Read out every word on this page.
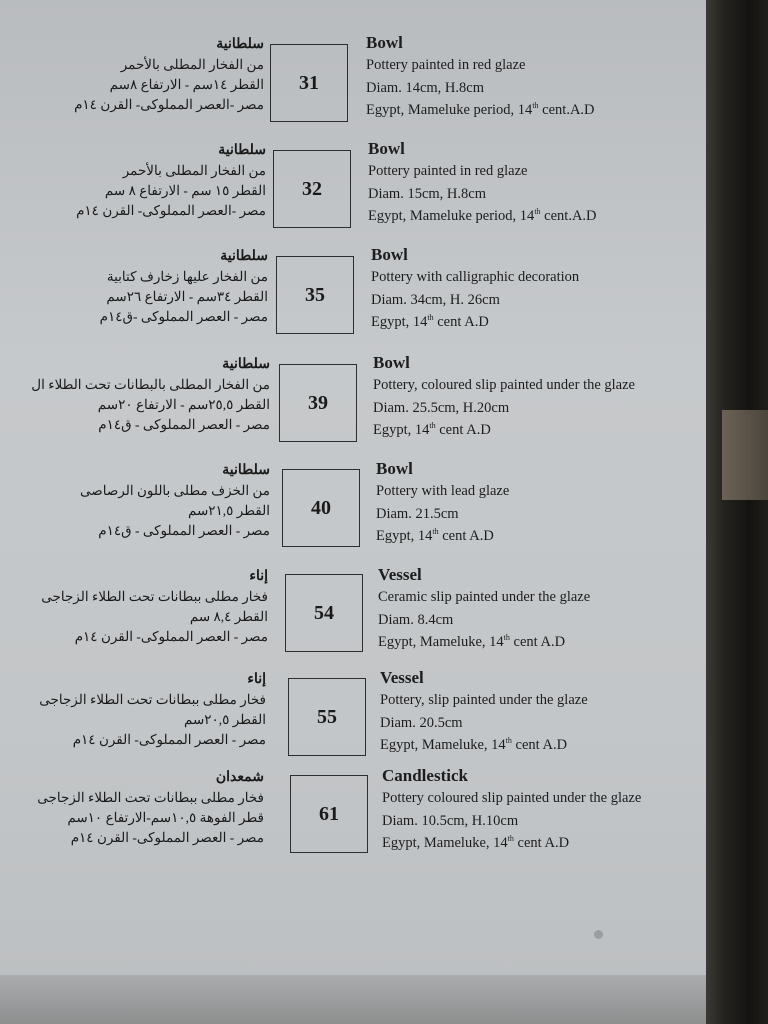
سلطانية
من الفخار المطلى بالأحمر
القطر ١٤سم - الارتفاع ٨سم
مصر -العصر المملوكى- القرن ١٤م
31
Bowl
Pottery painted in red glaze
Diam. 14cm, H.8cm
Egypt, Mameluke period, 14th cent.A.D
سلطانية
من الفخار المطلى بالأحمر
القطر ١٥ سم - الارتفاع ٨ سم
مصر -العصر المملوكى- القرن ١٤م
32
Bowl
Pottery painted in red glaze
Diam. 15cm, H.8cm
Egypt, Mameluke period, 14th cent.A.D
سلطانية
من الفخار عليها زخارف كتابية
القطر ٣٤سم - الارتفاع ٢٦سم
مصر - العصر المملوكى -ق١٤م
35
Bowl
Pottery with calligraphic decoration
Diam. 34cm, H. 26cm
Egypt, 14th cent A.D
سلطانية
من الفخار المطلى بالبطانات تحت الطلاء ال
القطر ٢٥,٥سم - الارتفاع ٢٠سم
مصر - العصر المملوكى - ق١٤م
39
Bowl
Pottery, coloured slip painted under the glaze
Diam. 25.5cm, H.20cm
Egypt, 14th cent A.D
سلطانية
من الخزف مطلى باللون الرصاصى
القطر ٢١,٥سم
مصر - العصر المملوكى - ق١٤م
40
Bowl
Pottery with lead glaze
Diam. 21.5cm
Egypt, 14th cent A.D
إناء
فخار مطلى ببطانات تحت الطلاء الزجاجى
القطر ٨,٤ سم
مصر - العصر المملوكى- القرن ١٤م
54
Vessel
Ceramic slip painted under the glaze
Diam. 8.4cm
Egypt, Mameluke, 14th cent A.D
إناء
فخار مطلى ببطانات تحت الطلاء الزجاجى
القطر ٢٠,٥سم
مصر - العصر المملوكى- القرن ١٤م
55
Vessel
Pottery, slip painted under the glaze
Diam. 20.5cm
Egypt, Mameluke, 14th cent A.D
شمعدان
فخار مطلى ببطانات تحت الطلاء الزجاجى
قطر الفوهة ١٠,٥سم-الارتفاع ١٠سم
مصر - العصر المملوكى- القرن ١٤م
61
Candlestick
Pottery coloured slip painted under the glaze
Diam. 10.5cm, H.10cm
Egypt, Mameluke, 14th cent A.D
